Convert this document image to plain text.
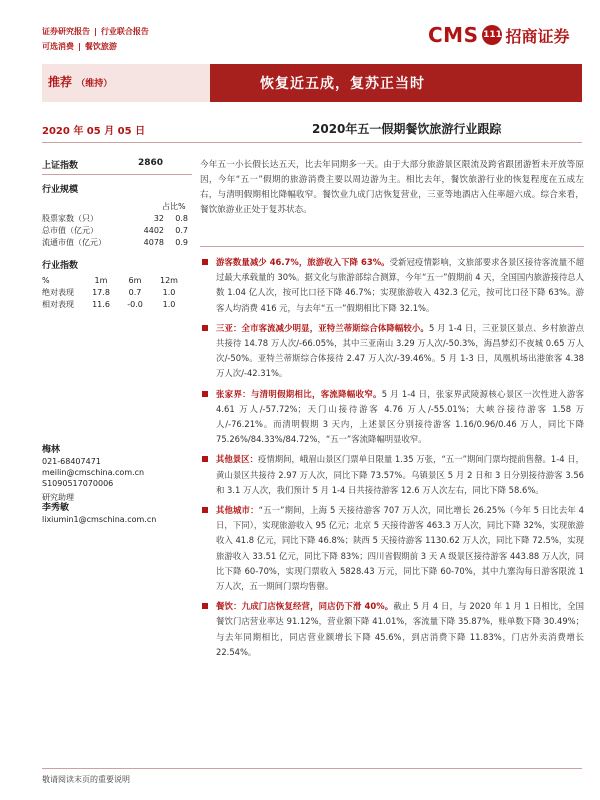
证券研究报告 | 行业联合报告
可选消费 | 餐饮旅游	CMS 111 招商证券
推荐 （维持）	恢复近五成，复苏正当时
2020 年 05 月 05 日	2020年五一假期餐饮旅游行业跟踪
上证指数	2860
行业规模
占比%
股票家数（只）	32	0.8
总市值（亿元）	4402	0.7
流通市值（亿元）	4078	0.9
行业指数
%	1m	6m	12m
绝对表现	17.8	0.7	1.0
相对表现	11.6	-0.0	1.0
梅林
021-68407471
meilin@cmschina.com.cn
S1090517070006
研究助理
李秀敏
lixiumin1@cmschina.com.cn
今年五一小长假长达五天，比去年同期多一天。由于大部分旅游景区限流及跨省跟团游暂未开放等原因，今年“五一”假期的旅游消费主要以周边游为主。相比去年，餐饮旅游行业的恢复程度在五成左右，与清明假期相比降幅收窄。餐饮业九成门店恢复营业，三亚等地酒店入住率超六成。综合来看，餐饮旅游业正处于复苏状态。
游客数量减少 46.7%，旅游收入下降 63%。受新冠疫情影响，文旅部要求各景区接待客流量不超过最大承载量的 30%。据文化与旅游部综合测算，今年“五一”假期前 4 天，全国国内旅游接待总人数 1.04 亿人次，按可比口径下降 46.7%；实现旅游收入 432.3 亿元，按可比口径下降 63%。游客人均消费 416 元，与去年“五一”假期相比下降 32.1%。
三亚：全市客流减少明显，亚特兰蒂斯综合体降幅较小。5 月 1-4 日，三亚景区景点、乡村旅游点共接待 14.78 万人次/-66.05%，其中三亚南山 3.29 万人次/-50.3%，海昌梦幻不夜城 0.65 万人次/-50%。亚特兰蒂斯综合体接待 2.47 万人次/-39.46%。5 月 1-3 日，凤凰机场出港旅客 4.38 万人次/-42.31%。
张家界：与清明假期相比，客流降幅收窄。5 月 1-4 日，张家界武陵源核心景区一次性进入游客 4.61 万人/-57.72%；天门山接待游客 4.76 万人/-55.01%；大峡谷接待游客 1.58 万人/-76.21%。而清明假期 3 天内，上述景区分别接待游客 1.16/0.96/0.46 万人，同比下降 75.26%/84.33%/84.72%，“五一”客流降幅明显收窄。
其他景区：疫情期间，峨眉山景区门票单日限量 1.35 万张，“五一”期间门票均提前售罄。1-4 日，黄山景区共接待 2.97 万人次，同比下降 73.57%。乌镇景区 5 月 2 日和 3 日分别接待游客 3.56 和 3.1 万人次，我们预计 5 月 1-4 日共接待游客 12.6 万人次左右，同比下降 58.6%。
其他城市：“五一”期间，上海 5 天接待游客 707 万人次，同比增长 26.25%（今年 5 日比去年 4 日，下同），实现旅游收入 95 亿元；北京 5 天接待游客 463.3 万人次，同比下降 32%，实现旅游收入 41.8 亿元，同比下降 46.8%；陕西 5 天接待游客 1130.62 万人次，同比下降 72.5%，实现旅游收入 33.51 亿元，同比下降 83%；四川省假期前 3 天 A 级景区接待游客 443.88 万人次，同比下降 60-70%，实现门票收入 5828.43 万元，同比下降 60-70%，其中九寨沟每日游客限流 1 万人次，五一期间门票均售罄。
餐饮：九成门店恢复经营，同店仍下滑 40%。截止 5 月 4 日，与 2020 年 1 月 1 日相比，全国餐饮门店营业率达 91.12%，营业额下降 41.01%，客流量下降 35.87%，账单数下降 30.49%；与去年同期相比，同店营业额增长下降 45.6%，到店消费下降 11.83%，门店外卖消费增长 22.54%。
敬请阅读末页的重要说明
